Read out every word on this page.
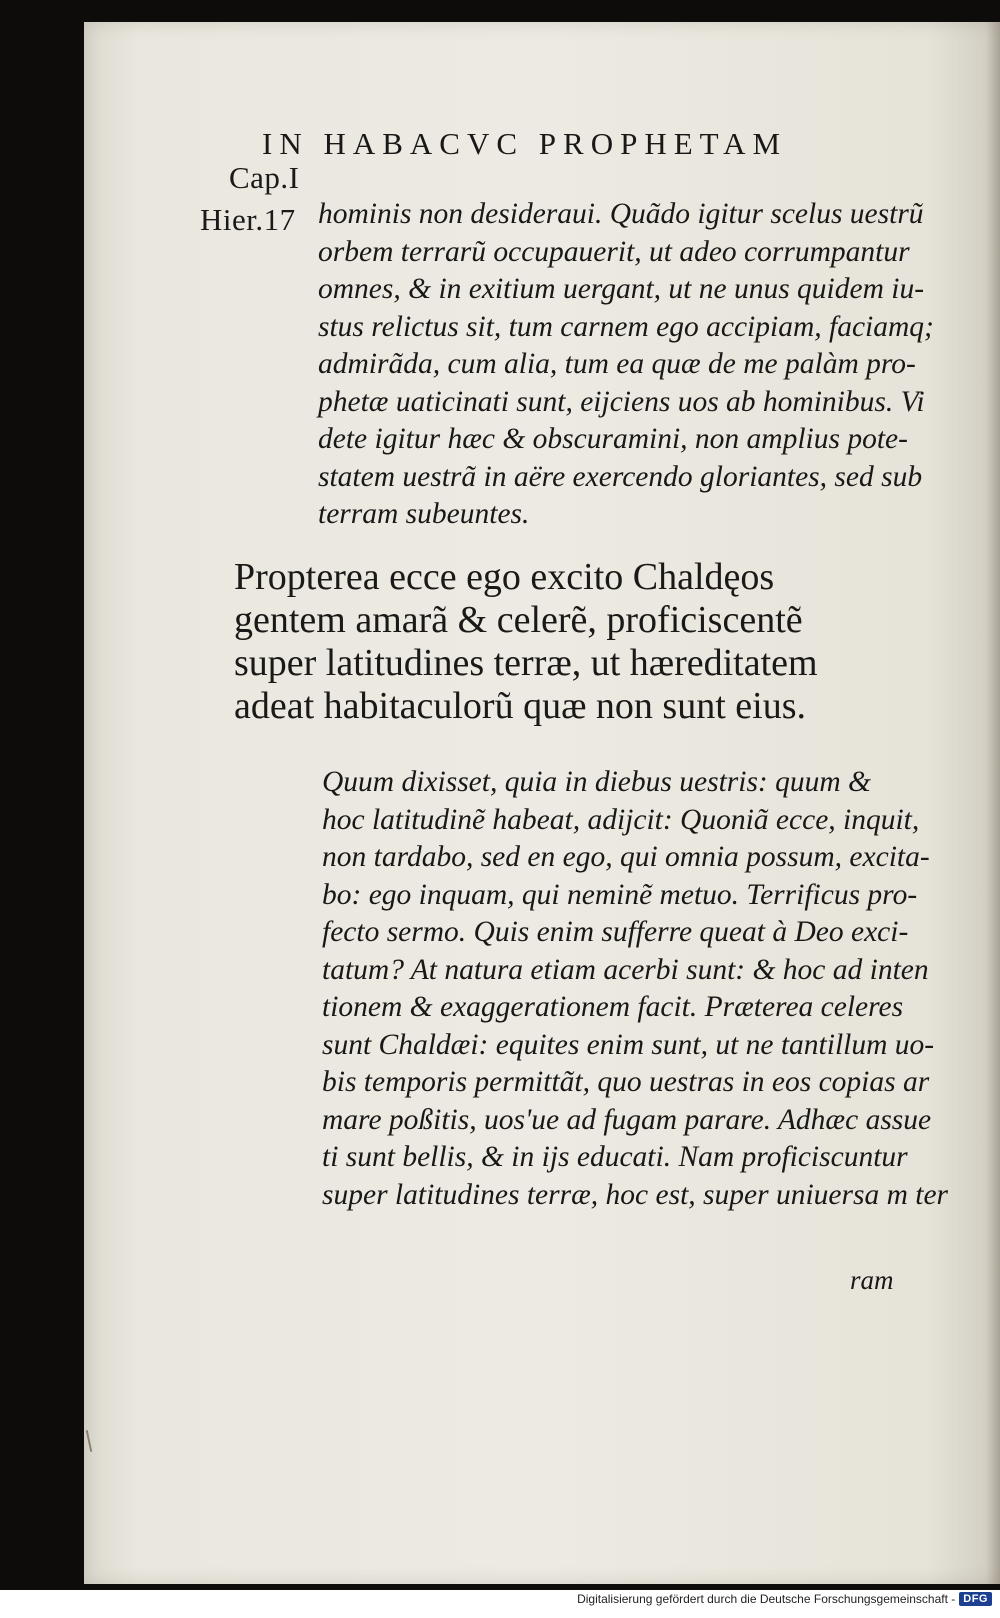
Cap.I
Hier.17
IN HABACVC PROPHETAM
hominis non desideraui. Quãdo igitur scelus uestrũ
orbem terrarũ occupauerit, ut adeo corrumpantur
omnes, & in exitium uergant, ut ne unus quidem iu-
stus relictus sit, tum carnem ego accipiam, faciamq;
admirãda, cum alia, tum ea quæ de me palàm pro-
phetæ uaticinati sunt, eijciens uos ab hominibus. Vi
dete igitur hæc & obscuramini, non amplius pote-
statem uestrã in aëre exercendo gloriantes, sed sub
terram subeuntes.
Propterea ecce ego excito Chaldęos
gentem amarã & celerẽ, proficiscentẽ
super latitudines terræ, ut hæreditatem
adeat habitaculorũ quæ non sunt eius.
Quum dixisset, quia in diebus uestris: quum &
hoc latitudinẽ habeat, adijcit: Quoniã ecce, inquit,
non tardabo, sed en ego, qui omnia possum, excita-
bo: ego inquam, qui neminẽ metuo. Terrificus pro-
fecto sermo. Quis enim sufferre queat à Deo exci-
tatum? At natura etiam acerbi sunt: & hoc ad inten
tionem & exaggerationem facit. Præterea celeres
sunt Chaldæi: equites enim sunt, ut ne tantillum uo-
bis temporis permittãt, quo uestras in eos copias ar
mare poßitis, uos'ue ad fugam parare. Adhæc assue
ti sunt bellis, & in ijs educati. Nam proficiscuntur
super latitudines terræ, hoc est, super uniuersa m ter
ram
Digitalisierung gefördert durch die Deutsche Forschungsgemeinschaft - DFG
